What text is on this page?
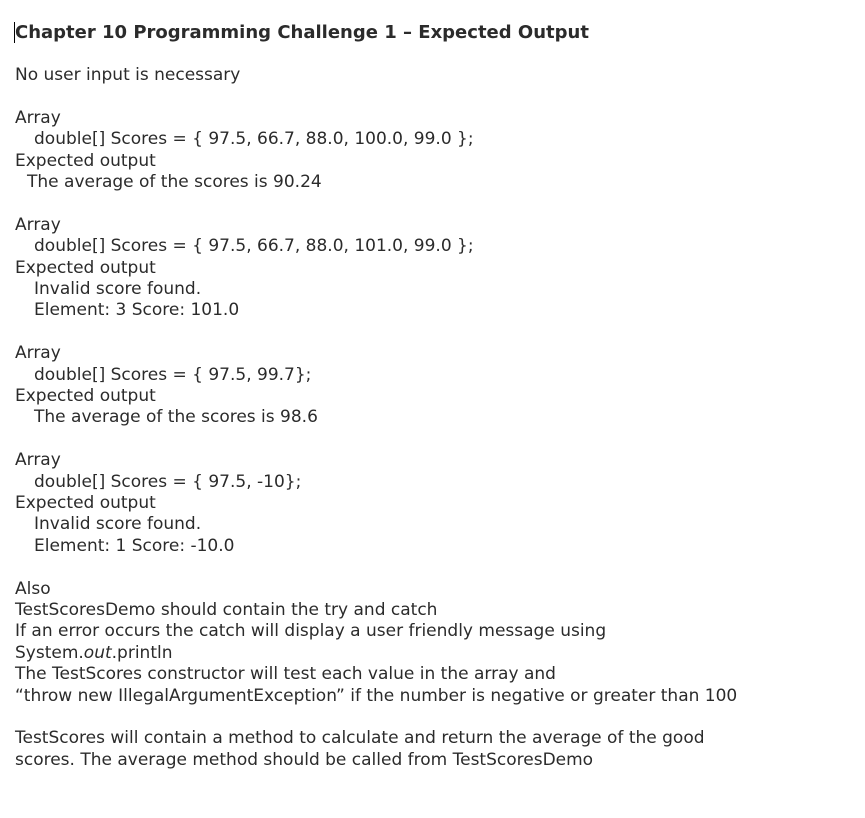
Chapter 10 Programming Challenge 1 – Expected Output

No user input is necessary

Array

double[] Scores = { 97.5, 66.7, 88.0, 100.0, 99.0 };

Expected output

The average of the scores is 90.24

Array

double[] Scores = { 97.5, 66.7, 88.0, 101.0, 99.0 };

Expected output

Invalid score found.

Element: 3 Score: 101.0

Array

double[] Scores = { 97.5, 99.7};

Expected output

The average of the scores is 98.6

Array

double[] Scores = { 97.5, -10};

Expected output

Invalid score found.

Element: 1 Score: -10.0

Also

TestScoresDemo should contain the try and catch

If an error occurs the catch will display a user friendly message using

System.out.println

The TestScores constructor will test each value in the array and

“throw new IllegalArgumentException” if the number is negative or greater than 100

TestScores will contain a method to calculate and return the average of the good

scores. The average method should be called from TestScoresDemo
